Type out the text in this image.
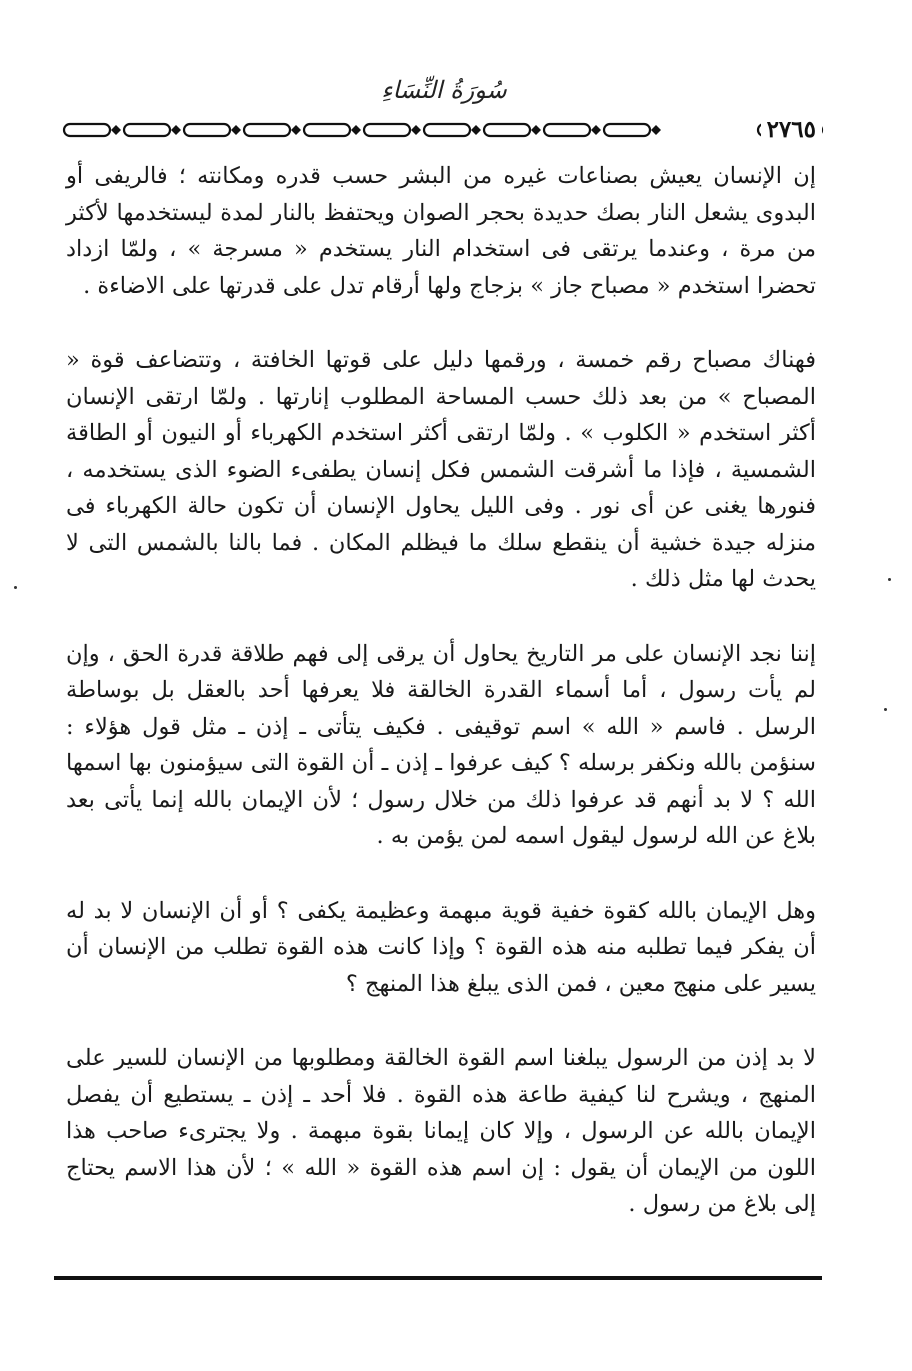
سُورَةُ النِّسَاءِ
٢٧٦٥

إن الإنسان يعيش بصناعات غيره من البشر حسب قدره ومكانته ؛ فالريفى أو البدوى يشعل النار بصك حديدة بحجر الصوان ويحتفظ بالنار لمدة ليستخدمها لأكثر من مرة ، وعندما يرتقى فى استخدام النار يستخدم « مسرجة » ، ولمّا ازداد تحضرا استخدم « مصباح جاز » بزجاج ولها أرقام تدل على قدرتها على الاضاءة .

فهناك مصباح رقم خمسة ، ورقمها دليل على قوتها الخافتة ، وتتضاعف قوة « المصباح » من بعد ذلك حسب المساحة المطلوب إنارتها . ولمّا ارتقى الإنسان أكثر استخدم « الكلوب » . ولمّا ارتقى أكثر استخدم الكهرباء أو النيون أو الطاقة الشمسية ، فإذا ما أشرقت الشمس فكل إنسان يطفىء الضوء الذى يستخدمه ، فنورها يغنى عن أى نور . وفى الليل يحاول الإنسان أن تكون حالة الكهرباء فى منزله جيدة خشية أن ينقطع سلك ما فيظلم المكان . فما بالنا بالشمس التى لا يحدث لها مثل ذلك .

إننا نجد الإنسان على مر التاريخ يحاول أن يرقى إلى فهم طلاقة قدرة الحق ، وإن لم يأت رسول ، أما أسماء القدرة الخالقة فلا يعرفها أحد بالعقل بل بوساطة الرسل . فاسم « الله » اسم توقيفى . فكيف يتأتى ـ إذن ـ مثل قول هؤلاء : سنؤمن بالله ونكفر برسله ؟ كيف عرفوا ـ إذن ـ أن القوة التى سيؤمنون بها اسمها الله ؟ لا بد أنهم قد عرفوا ذلك من خلال رسول ؛ لأن الإيمان بالله إنما يأتى بعد بلاغ عن الله لرسول ليقول اسمه لمن يؤمن به .

وهل الإيمان بالله كقوة خفية قوية مبهمة وعظيمة يكفى ؟ أو أن الإنسان لا بد له أن يفكر فيما تطلبه منه هذه القوة ؟ وإذا كانت هذه القوة تطلب من الإنسان أن يسير على منهج معين ، فمن الذى يبلغ هذا المنهج ؟

لا بد إذن من الرسول يبلغنا اسم القوة الخالقة ومطلوبها من الإنسان للسير على المنهج ، ويشرح لنا كيفية طاعة هذه القوة . فلا أحد ـ إذن ـ يستطيع أن يفصل الإيمان بالله عن الرسول ، وإلا كان إيمانا بقوة مبهمة . ولا يجترىء صاحب هذا اللون من الإيمان أن يقول : إن اسم هذه القوة « الله » ؛ لأن هذا الاسم يحتاج إلى بلاغ من رسول .
